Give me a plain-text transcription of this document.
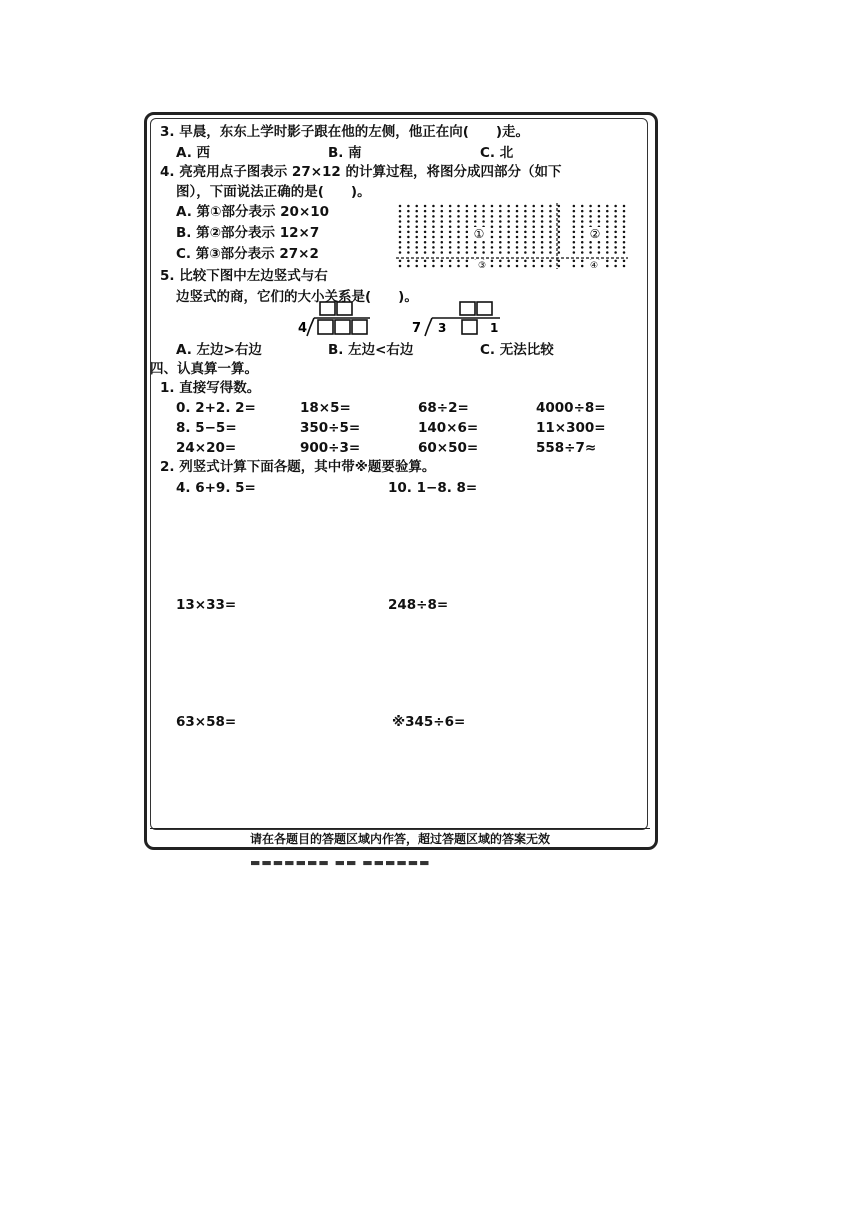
3. 早晨，东东上学时影子跟在他的左侧，他正在向(　　)走。
A. 西	B. 南	C. 北
4. 亮亮用点子图表示 27×12 的计算过程，将图分成四部分（如下
图），下面说法正确的是(　　)。
A. 第①部分表示 20×10
B. 第②部分表示 12×7
C. 第③部分表示 27×2
①	②
③	④
5. 比较下图中左边竖式与右
边竖式的商，它们的大小关系是(　　)。
4	7 3	1
A. 左边>右边	B. 左边<右边	C. 无法比较
四、认真算一算。
1. 直接写得数。
0. 2+2. 2=	18×5=	68÷2=	4000÷8=
8. 5−5=	350÷5=	140×6=	11×300=
24×20=	900÷3=	60×50=	558÷7≈
2. 列竖式计算下面各题，其中带※题要验算。
4. 6+9. 5=	10. 1−8. 8=
13×33=	248÷8=
63×58=	※345÷6=
请在各题目的答题区域内作答，超过答题区域的答案无效
▬▬▬▬▬▬▬ ▬▬ ▬▬▬▬▬▬
